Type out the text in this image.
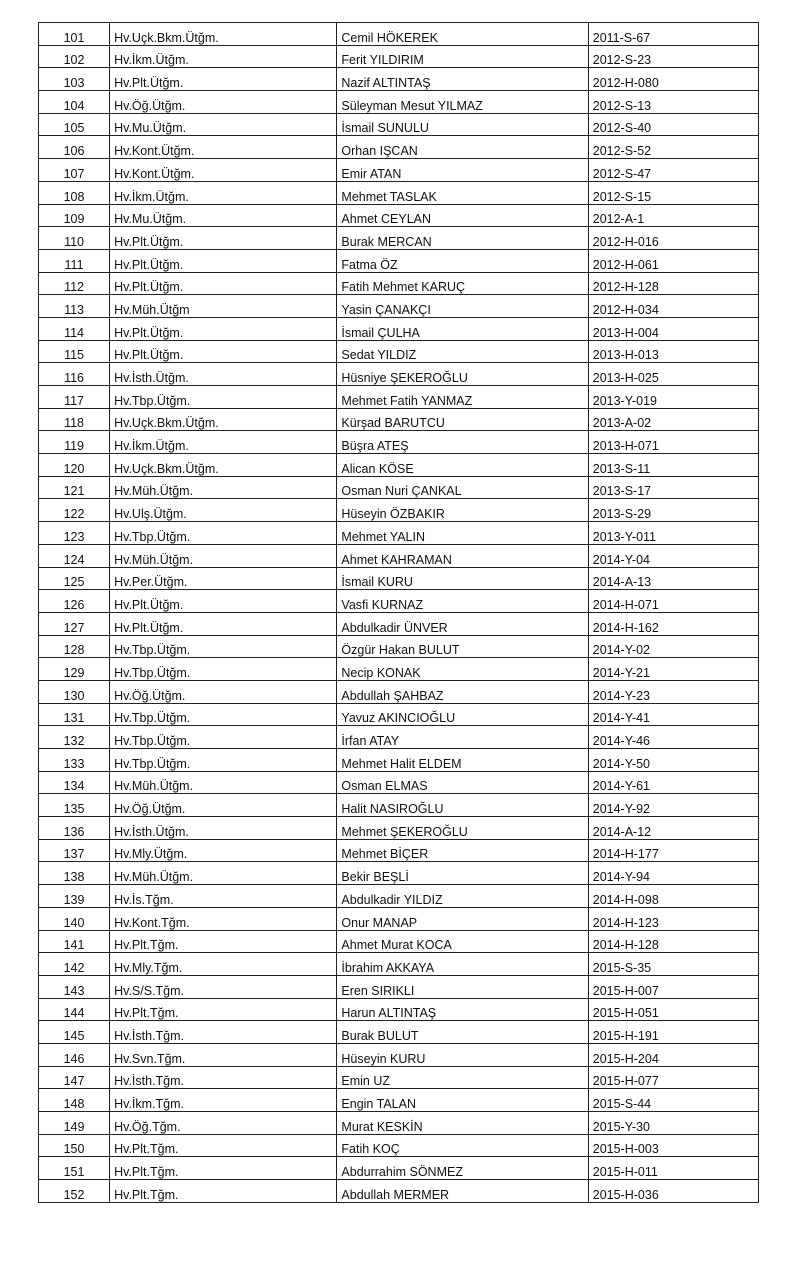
101	Hv.Uçk.Bkm.Ütğm.	Cemil HÖKEREK	2011-S-67
102	Hv.İkm.Ütğm.	Ferit YILDIRIM	2012-S-23
103	Hv.Plt.Ütğm.	Nazif ALTINTAŞ	2012-H-080
104	Hv.Öğ.Ütğm.	Süleyman Mesut YILMAZ	2012-S-13
105	Hv.Mu.Ütğm.	İsmail SUNULU	2012-S-40
106	Hv.Kont.Ütğm.	Orhan IŞCAN	2012-S-52
107	Hv.Kont.Ütğm.	Emir ATAN	2012-S-47
108	Hv.İkm.Ütğm.	Mehmet TASLAK	2012-S-15
109	Hv.Mu.Ütğm.	Ahmet CEYLAN	2012-A-1
110	Hv.Plt.Ütğm.	Burak MERCAN	2012-H-016
111	Hv.Plt.Ütğm.	Fatma ÖZ	2012-H-061
112	Hv.Plt.Ütğm.	Fatih Mehmet KARUÇ	2012-H-128
113	Hv.Müh.Ütğm	Yasin ÇANAKÇI	2012-H-034
114	Hv.Plt.Ütğm.	İsmail ÇULHA	2013-H-004
115	Hv.Plt.Ütğm.	Sedat YILDIZ	2013-H-013
116	Hv.İsth.Ütğm.	Hüsniye ŞEKEROĞLU	2013-H-025
117	Hv.Tbp.Ütğm.	Mehmet Fatih YANMAZ	2013-Y-019
118	Hv.Uçk.Bkm.Ütğm.	Kürşad BARUTCU	2013-A-02
119	Hv.İkm.Ütğm.	Büşra ATEŞ	2013-H-071
120	Hv.Uçk.Bkm.Ütğm.	Alican KÖSE	2013-S-11
121	Hv.Müh.Ütğm.	Osman Nuri ÇANKAL	2013-S-17
122	Hv.Ulş.Ütğm.	Hüseyin ÖZBAKIR	2013-S-29
123	Hv.Tbp.Ütğm.	Mehmet YALIN	2013-Y-011
124	Hv.Müh.Ütğm.	Ahmet KAHRAMAN	2014-Y-04
125	Hv.Per.Ütğm.	İsmail KURU	2014-A-13
126	Hv.Plt.Ütğm.	Vasfi KURNAZ	2014-H-071
127	Hv.Plt.Ütğm.	Abdulkadir ÜNVER	2014-H-162
128	Hv.Tbp.Ütğm.	Özgür Hakan BULUT	2014-Y-02
129	Hv.Tbp.Ütğm.	Necip KONAK	2014-Y-21
130	Hv.Öğ.Ütğm.	Abdullah ŞAHBAZ	2014-Y-23
131	Hv.Tbp.Ütğm.	Yavuz AKINCIOĞLU	2014-Y-41
132	Hv.Tbp.Ütğm.	İrfan ATAY	2014-Y-46
133	Hv.Tbp.Ütğm.	Mehmet Halit ELDEM	2014-Y-50
134	Hv.Müh.Ütğm.	Osman ELMAS	2014-Y-61
135	Hv.Öğ.Ütğm.	Halit NASIROĞLU	2014-Y-92
136	Hv.İsth.Ütğm.	Mehmet ŞEKEROĞLU	2014-A-12
137	Hv.Mly.Ütğm.	Mehmet BİÇER	2014-H-177
138	Hv.Müh.Ütğm.	Bekir BEŞLİ	2014-Y-94
139	Hv.İs.Tğm.	Abdulkadir YILDIZ	2014-H-098
140	Hv.Kont.Tğm.	Onur MANAP	2014-H-123
141	Hv.Plt.Tğm.	Ahmet Murat KOCA	2014-H-128
142	Hv.Mly.Tğm.	İbrahim AKKAYA	2015-S-35
143	Hv.S/S.Tğm.	Eren SIRIKLI	2015-H-007
144	Hv.Plt.Tğm.	Harun ALTINTAŞ	2015-H-051
145	Hv.İsth.Tğm.	Burak BULUT	2015-H-191
146	Hv.Svn.Tğm.	Hüseyin KURU	2015-H-204
147	Hv.İsth.Tğm.	Emin UZ	2015-H-077
148	Hv.İkm.Tğm.	Engin TALAN	2015-S-44
149	Hv.Öğ.Tğm.	Murat KESKİN	2015-Y-30
150	Hv.Plt.Tğm.	Fatih KOÇ	2015-H-003
151	Hv.Plt.Tğm.	Abdurrahim SÖNMEZ	2015-H-011
152	Hv.Plt.Tğm.	Abdullah MERMER	2015-H-036
